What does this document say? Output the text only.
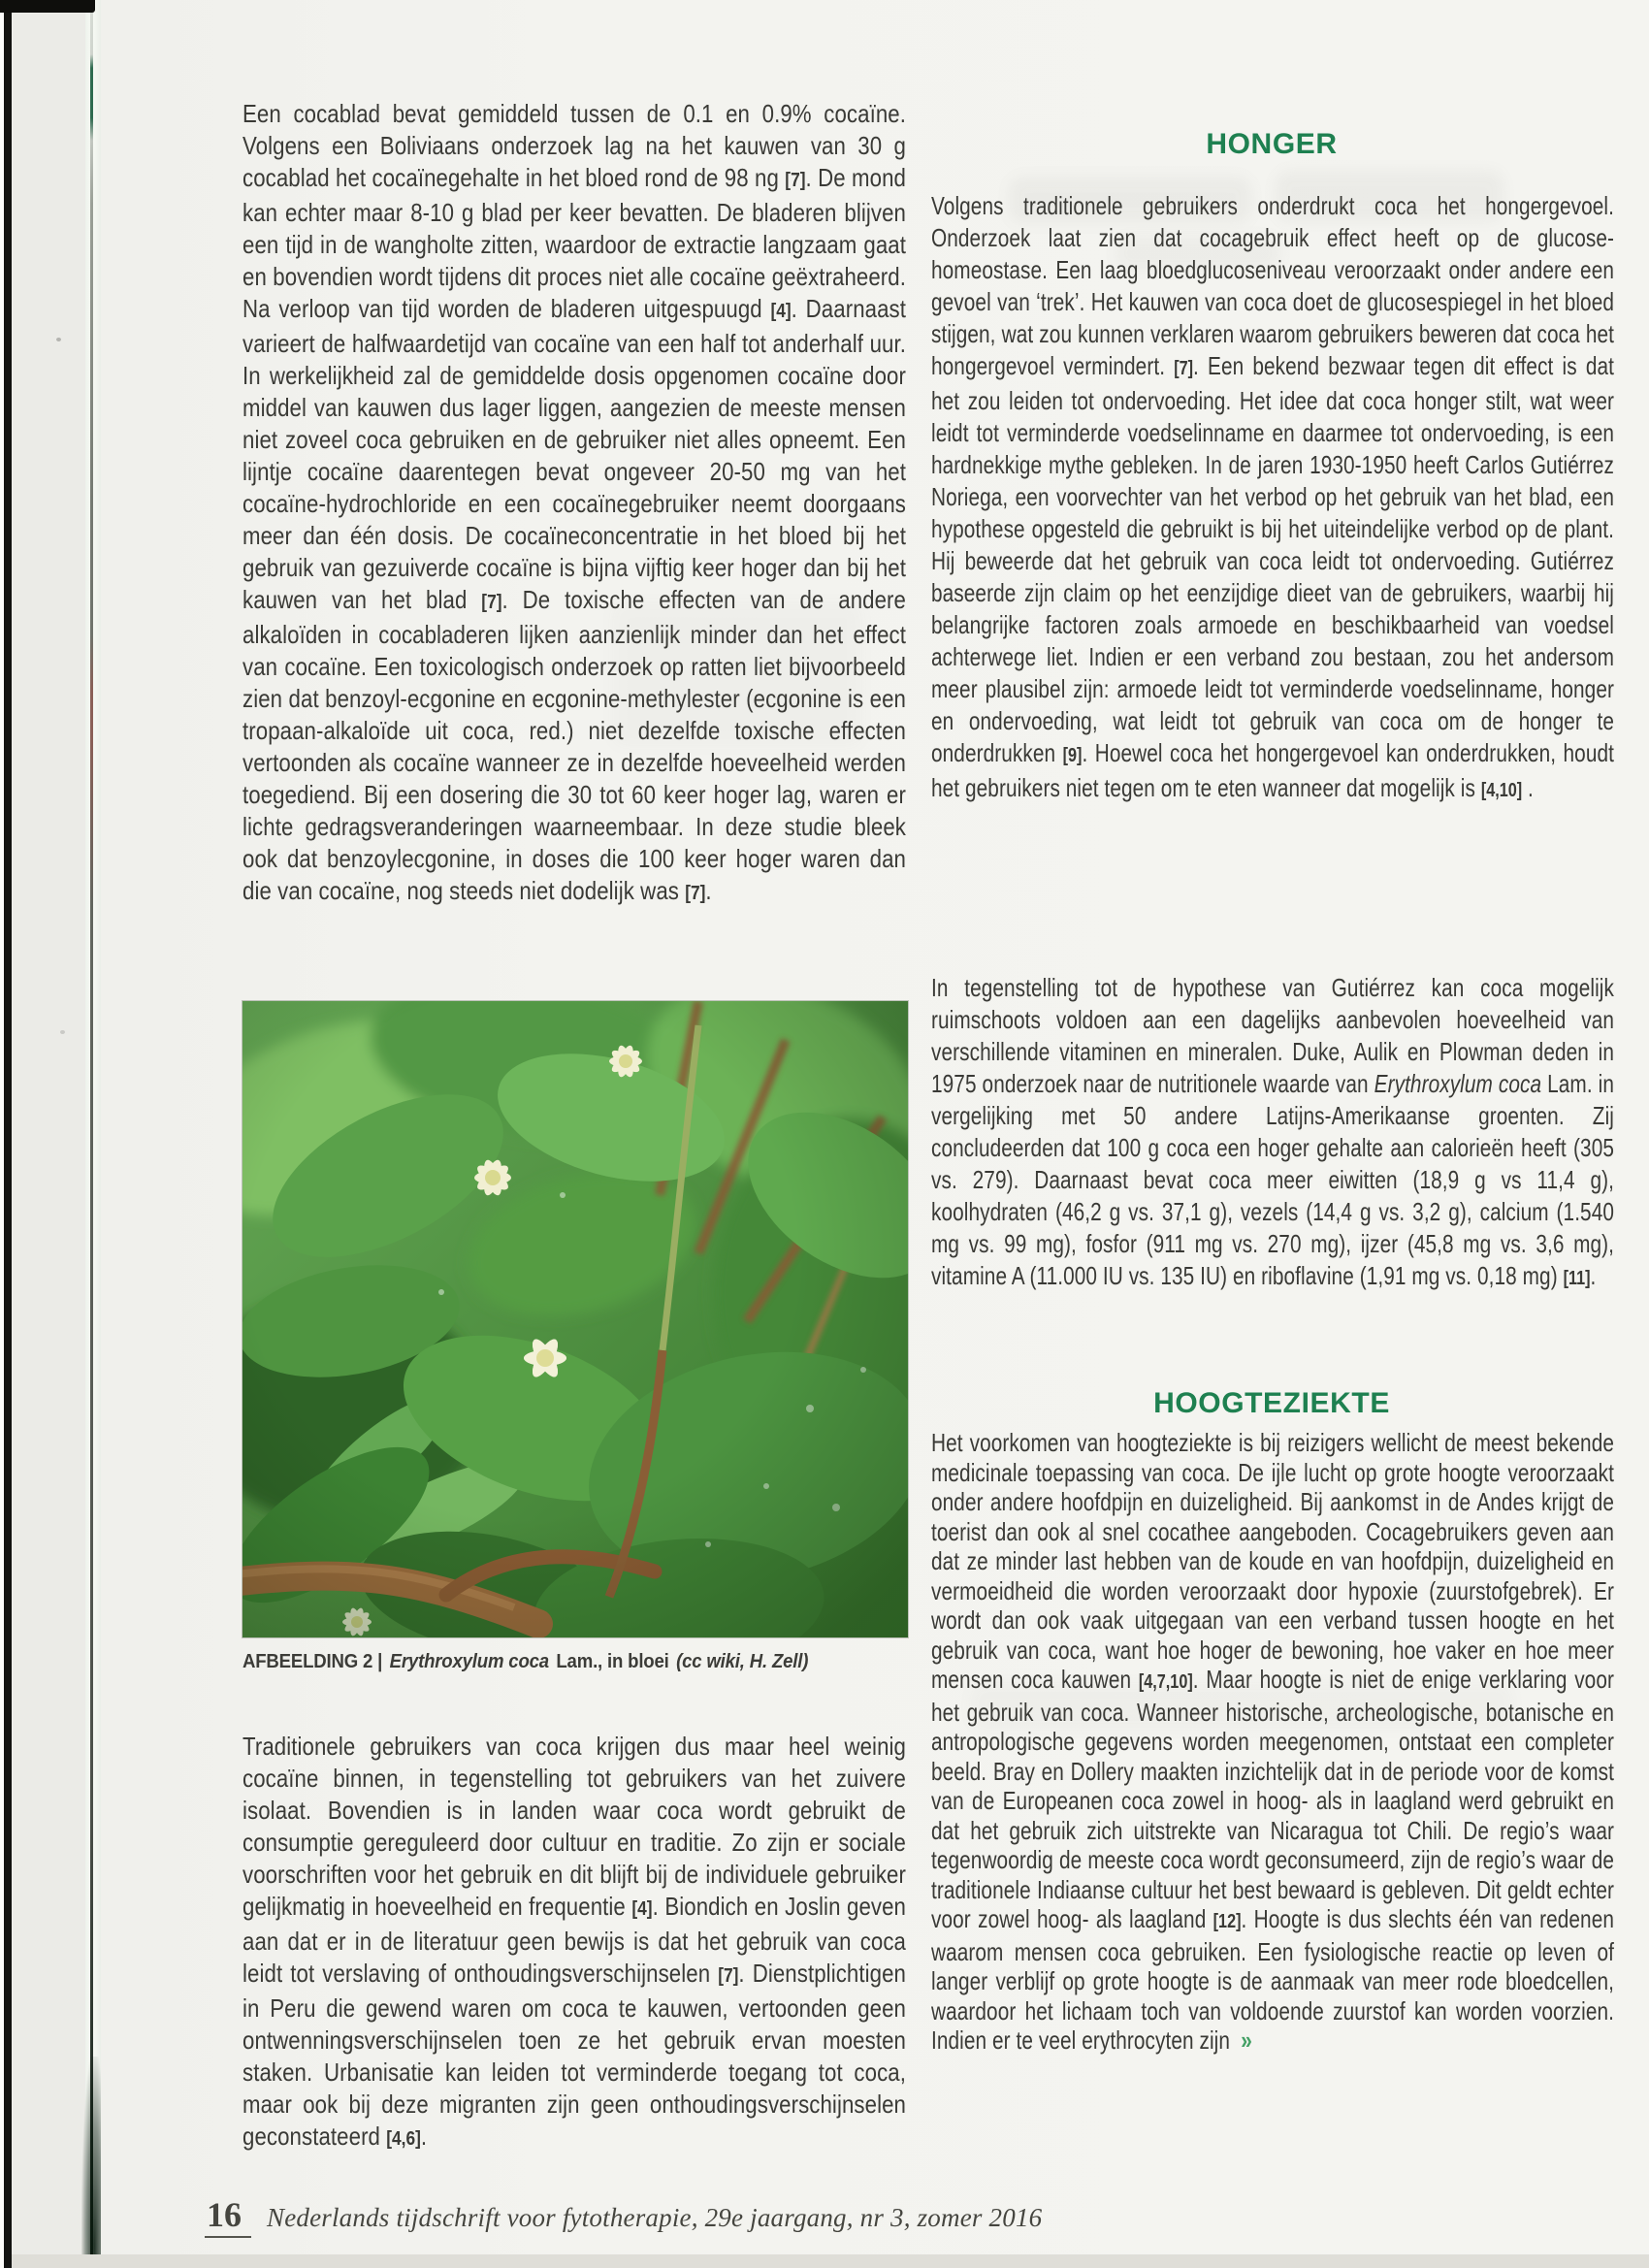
Een cocablad bevat gemiddeld tussen de 0.1 en 0.9% cocaïne. Volgens een Boliviaans onderzoek lag na het kauwen van 30 g cocablad het cocaïnegehalte in het bloed rond de 98 ng [7]. De mond kan echter maar 8-10 g blad per keer bevatten. De bladeren blijven een tijd in de wangholte zitten, waardoor de extractie langzaam gaat en bovendien wordt tijdens dit proces niet alle cocaïne geëxtraheerd. Na verloop van tijd worden de bladeren uitgespuugd [4]. Daarnaast varieert de halfwaardetijd van cocaïne van een half tot anderhalf uur. In werkelijkheid zal de gemiddelde dosis opgenomen cocaïne door middel van kauwen dus lager liggen, aangezien de meeste mensen niet zoveel coca gebruiken en de gebruiker niet alles opneemt. Een lijntje cocaïne daarentegen bevat ongeveer 20-50 mg van het cocaïne-hydrochloride en een cocaïnegebruiker neemt doorgaans meer dan één dosis. De cocaïneconcentratie in het bloed bij het gebruik van gezuiverde cocaïne is bijna vijftig keer hoger dan bij het kauwen van het blad [7]. De toxische effecten van de andere alkaloïden in cocabladeren lijken aanzienlijk minder dan het effect van cocaïne. Een toxicologisch onderzoek op ratten liet bijvoorbeeld zien dat benzoyl-ecgonine en ecgonine-methylester (ecgonine is een tropaan-alkaloïde uit coca, red.) niet dezelfde toxische effecten vertoonden als cocaïne wanneer ze in dezelfde hoeveelheid werden toegediend. Bij een dosering die 30 tot 60 keer hoger lag, waren er lichte gedragsveranderingen waarneembaar. In deze studie bleek ook dat benzoylecgonine, in doses die 100 keer hoger waren dan die van cocaïne, nog steeds niet dodelijk was [7].
AFBEELDING 2 | Erythroxylum coca Lam., in bloei (cc wiki, H. Zell)
Traditionele gebruikers van coca krijgen dus maar heel weinig cocaïne binnen, in tegenstelling tot gebruikers van het zuivere isolaat. Bovendien is in landen waar coca wordt gebruikt de consumptie gereguleerd door cultuur en traditie. Zo zijn er sociale voorschriften voor het gebruik en dit blijft bij de individuele gebruiker gelijkmatig in hoeveelheid en frequentie [4]. Biondich en Joslin geven aan dat er in de literatuur geen bewijs is dat het gebruik van coca leidt tot verslaving of onthoudingsverschijnselen [7]. Dienstplichtigen in Peru die gewend waren om coca te kauwen, vertoonden geen ontwenningsverschijnselen toen ze het gebruik ervan moesten staken. Urbanisatie kan leiden tot verminderde toegang tot coca, maar ook bij deze migranten zijn geen onthoudingsverschijnselen geconstateerd [4,6].
HONGER
Volgens traditionele gebruikers onderdrukt coca het hongergevoel. Onderzoek laat zien dat cocagebruik effect heeft op de glucose-homeostase. Een laag bloedglucoseniveau veroorzaakt onder andere een gevoel van ‘trek’. Het kauwen van coca doet de glucosespiegel in het bloed stijgen, wat zou kunnen verklaren waarom gebruikers beweren dat coca het hongergevoel vermindert. [7]. Een bekend bezwaar tegen dit effect is dat het zou leiden tot ondervoeding. Het idee dat coca honger stilt, wat weer leidt tot verminderde voedselinname en daarmee tot ondervoeding, is een hardnekkige mythe gebleken. In de jaren 1930-1950 heeft Carlos Gutiérrez Noriega, een voorvechter van het verbod op het gebruik van het blad, een hypothese opgesteld die gebruikt is bij het uiteindelijke verbod op de plant. Hij beweerde dat het gebruik van coca leidt tot ondervoeding. Gutiérrez baseerde zijn claim op het eenzijdige dieet van de gebruikers, waarbij hij belangrijke factoren zoals armoede en beschikbaarheid van voedsel achterwege liet. Indien er een verband zou bestaan, zou het andersom meer plausibel zijn: armoede leidt tot verminderde voedselinname, honger en ondervoeding, wat leidt tot gebruik van coca om de honger te onderdrukken [9]. Hoewel coca het hongergevoel kan onderdrukken, houdt het gebruikers niet tegen om te eten wanneer dat mogelijk is [4,10] .
In tegenstelling tot de hypothese van Gutiérrez kan coca mogelijk ruimschoots voldoen aan een dagelijks aanbevolen hoeveelheid van verschillende vitaminen en mineralen. Duke, Aulik en Plowman deden in 1975 onderzoek naar de nutritionele waarde van Erythroxylum coca Lam. in vergelijking met 50 andere Latijns-Amerikaanse groenten. Zij concludeerden dat 100 g coca een hoger gehalte aan calorieën heeft (305 vs. 279). Daarnaast bevat coca meer eiwitten (18,9 g vs 11,4 g), koolhydraten (46,2 g vs. 37,1 g), vezels (14,4 g vs. 3,2 g), calcium (1.540 mg vs. 99 mg), fosfor (911 mg vs. 270 mg), ijzer (45,8 mg vs. 3,6 mg), vitamine A (11.000 IU vs. 135 IU) en riboflavine (1,91 mg vs. 0,18 mg) [11].
HOOGTEZIEKTE
Het voorkomen van hoogteziekte is bij reizigers wellicht de meest bekende medicinale toepassing van coca. De ijle lucht op grote hoogte veroorzaakt onder andere hoofdpijn en duizeligheid. Bij aankomst in de Andes krijgt de toerist dan ook al snel cocathee aangeboden. Cocagebruikers geven aan dat ze minder last hebben van de koude en van hoofdpijn, duizeligheid en vermoeidheid die worden veroorzaakt door hypoxie (zuurstofgebrek). Er wordt dan ook vaak uitgegaan van een verband tussen hoogte en het gebruik van coca, want hoe hoger de bewoning, hoe vaker en hoe meer mensen coca kauwen [4,7,10]. Maar hoogte is niet de enige verklaring voor het gebruik van coca. Wanneer historische, archeologische, botanische en antropologische gegevens worden meegenomen, ontstaat een completer beeld. Bray en Dollery maakten inzichtelijk dat in de periode voor de komst van de Europeanen coca zowel in hoog- als in laagland werd gebruikt en dat het gebruik zich uitstrekte van Nicaragua tot Chili. De regio’s waar tegenwoordig de meeste coca wordt geconsumeerd, zijn de regio’s waar de traditionele Indiaanse cultuur het best bewaard is gebleven. Dit geldt echter voor zowel hoog- als laagland [12]. Hoogte is dus slechts één van redenen waarom mensen coca gebruiken. Een fysiologische reactie op leven of langer verblijf op grote hoogte is de aanmaak van meer rode bloedcellen, waardoor het lichaam toch van voldoende zuurstof kan worden voorzien. Indien er te veel erythrocyten zijn »
16 Nederlands tijdschrift voor fytotherapie, 29e jaargang, nr 3, zomer 2016
